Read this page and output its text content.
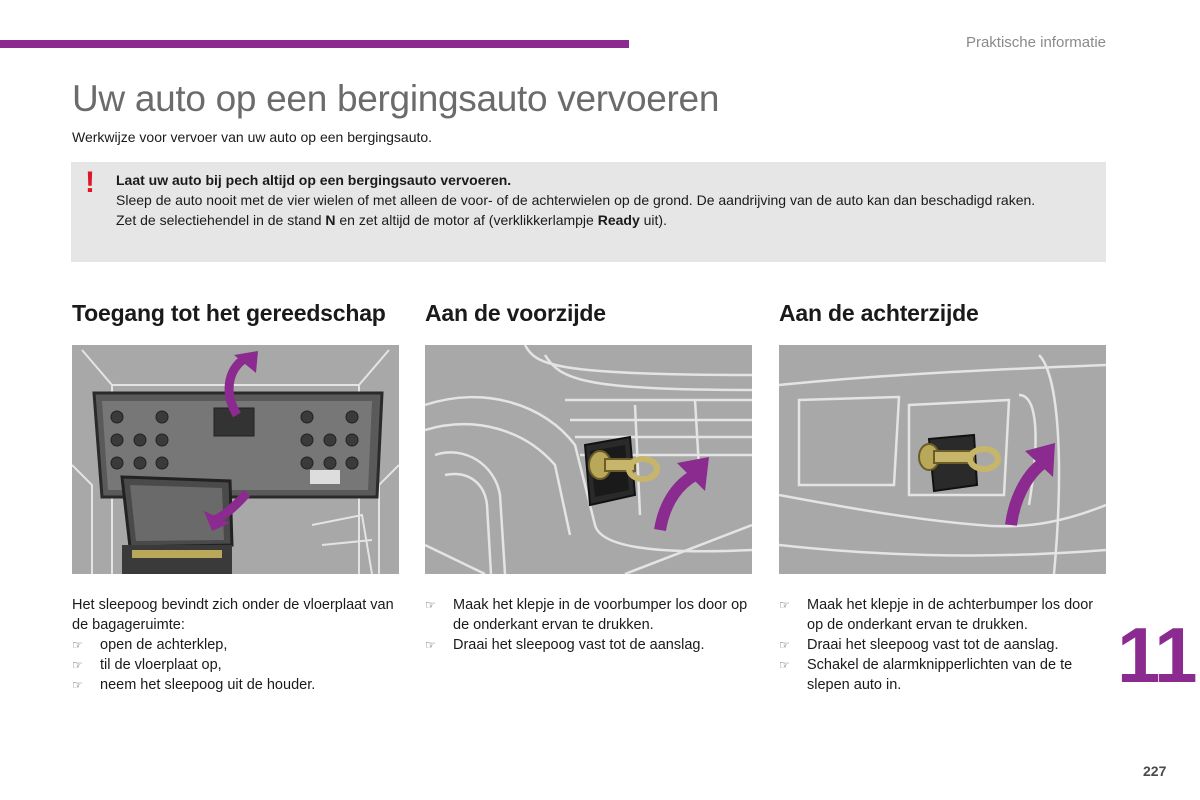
Praktische informatie
Uw auto op een bergingsauto vervoeren
Werkwijze voor vervoer van uw auto op een bergingsauto.
! Laat uw auto bij pech altijd op een bergingsauto vervoeren.
Sleep de auto nooit met de vier wielen of met alleen de voor- of de achterwielen op de grond. De aandrijving van de auto kan dan beschadigd raken.
Zet de selectiehendel in de stand N en zet altijd de motor af (verklikkerlampje Ready uit).
Toegang tot het gereedschap
Het sleepoog bevindt zich onder de vloerplaat van de bagageruimte:
☞ open de achterklep,
☞ til de vloerplaat op,
☞ neem het sleepoog uit de houder.
Aan de voorzijde
☞ Maak het klepje in de voorbumper los door op de onderkant ervan te drukken.
☞ Draai het sleepoog vast tot de aanslag.
Aan de achterzijde
☞ Maak het klepje in de achterbumper los door op de onderkant ervan te drukken.
☞ Draai het sleepoog vast tot de aanslag.
☞ Schakel de alarmknipperlichten van de te slepen auto in.	11
227
